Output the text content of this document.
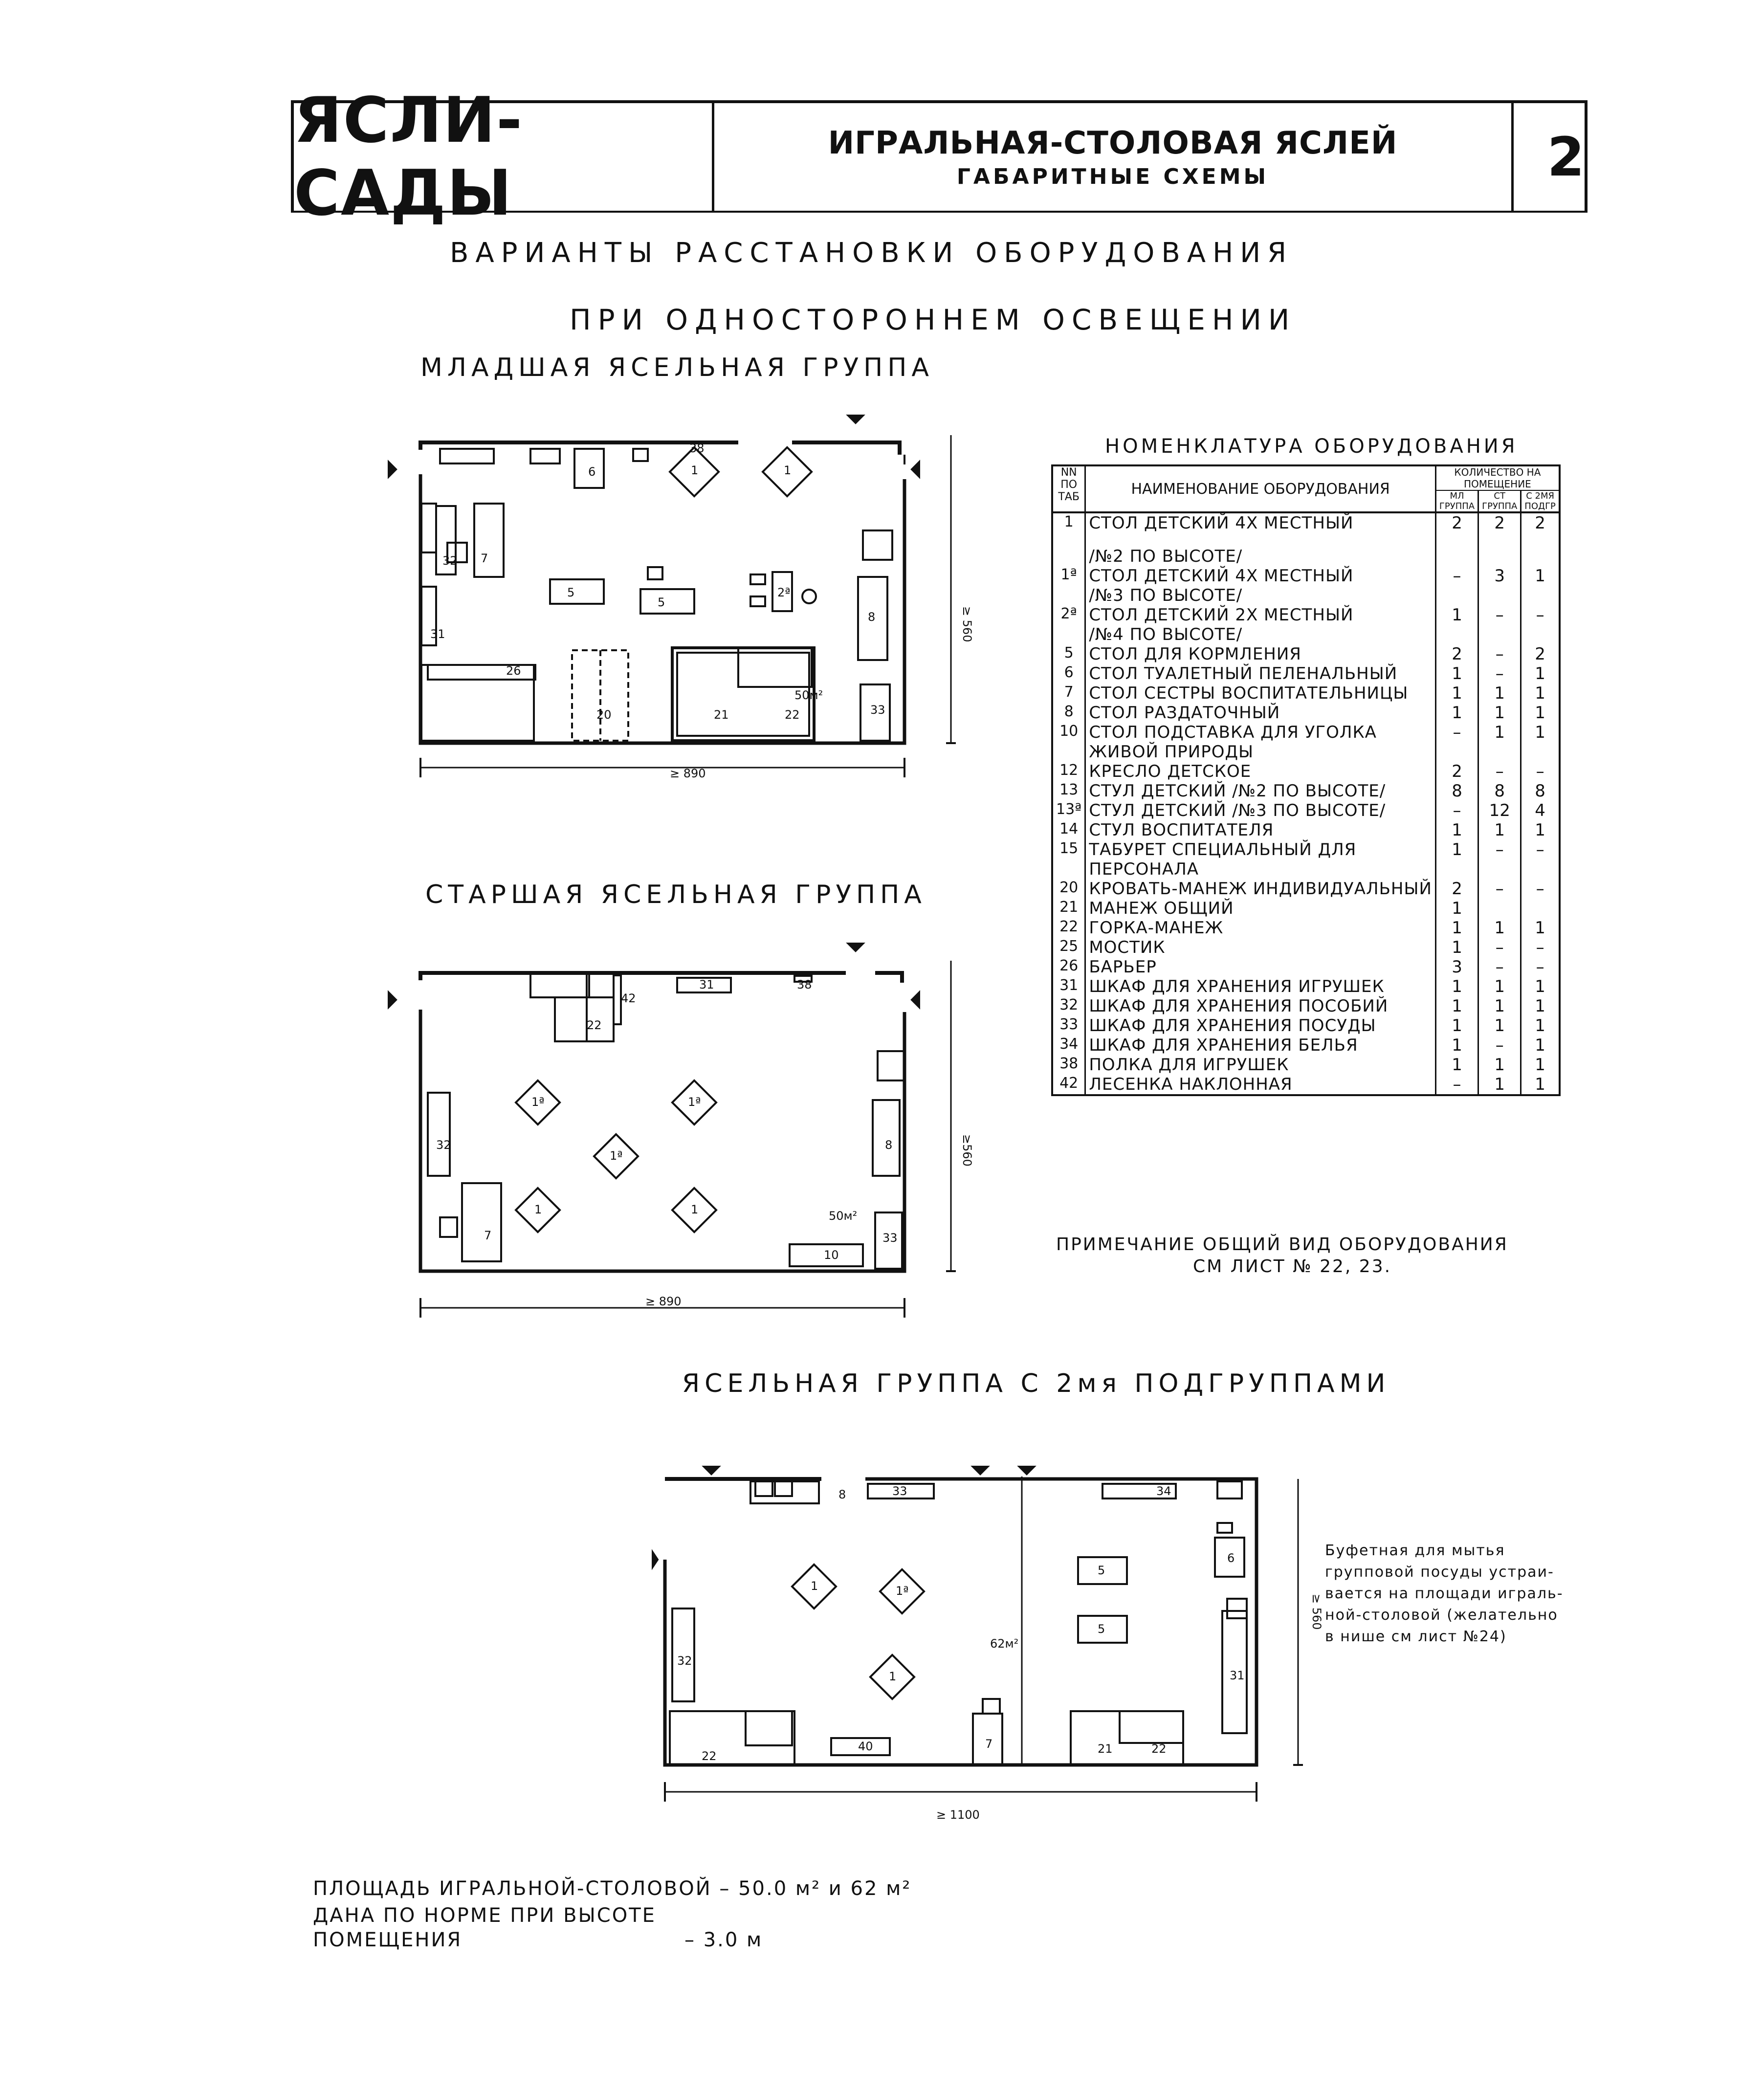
ЯСЛИ-САДЫ
ИГРАЛЬНАЯ-СТОЛОВАЯ ЯСЛЕЙ
ГАБАРИТНЫЕ СХЕМЫ	2
ВАРИАНТЫ РАССТАНОВКИ ОБОРУДОВАНИЯ
ПРИ ОДНОСТОРОННЕМ ОСВЕЩЕНИИ
МЛАДШАЯ ЯСЕЛЬНАЯ ГРУППА
СТАРШАЯ ЯСЕЛЬНАЯ ГРУППА
ЯСЕЛЬНАЯ ГРУППА С 2мя ПОДГРУППАМИ
50м²
≥ 890
≥ 560
1	1
7
32
31
26
20	21	22	33
8
5
5	2ª
6
38
50м²
≥ 890
≥560
1ª	1ª
1ª
1	1
32
7
10
33
8
22
42
31	38
62м²
≥ 1100
≥ 560
1	1ª
1
8	33	34
32
22
40	7	21	22
31
6
5
5
Буфетная для мытья
групповой посуды устраи-
вается на площади играль-
ной-столовой (желательно
в нише см лист №24)
НОМЕНКЛАТУРА ОБОРУДОВАНИЯ
NN ПО ТАБ	НАИМЕНОВАНИЕ ОБОРУДОВАНИЯ	КОЛИЧЕСТВО НА ПОМЕЩЕНИЕ		
		МЛ ГРУППА	СТ ГРУППА	С 2МЯ ПОДГР
1	СТОЛ ДЕТСКИЙ 4Х МЕСТНЫЙ	2	2	2
	/№2 ПО ВЫСОТЕ/			
1ª	СТОЛ ДЕТСКИЙ 4Х МЕСТНЫЙ	–	3	1
	/№3 ПО ВЫСОТЕ/			
2ª	СТОЛ ДЕТСКИЙ 2Х МЕСТНЫЙ	1	–	–
	/№4 ПО ВЫСОТЕ/			
5	СТОЛ ДЛЯ КОРМЛЕНИЯ	2	–	2
6	СТОЛ ТУАЛЕТНЫЙ ПЕЛЕНАЛЬНЫЙ	1	–	1
7	СТОЛ СЕСТРЫ ВОСПИТАТЕЛЬНИЦЫ	1	1	1
8	СТОЛ РАЗДАТОЧНЫЙ	1	1	1
10	СТОЛ ПОДСТАВКА ДЛЯ УГОЛКА	–	1	1
	ЖИВОЙ ПРИРОДЫ			
12	КРЕСЛО ДЕТСКОЕ	2	–	–
13	СТУЛ ДЕТСКИЙ /№2 ПО ВЫСОТЕ/	8	8	8
13ª	СТУЛ ДЕТСКИЙ /№3 ПО ВЫСОТЕ/	–	12	4
14	СТУЛ ВОСПИТАТЕЛЯ	1	1	1
15	ТАБУРЕТ СПЕЦИАЛЬНЫЙ ДЛЯ	1	–	–
	ПЕРСОНАЛА			
20	КРОВАТЬ-МАНЕЖ ИНДИВИДУАЛЬНЫЙ	2	–	–
21	МАНЕЖ ОБЩИЙ	1		
22	ГОРКА-МАНЕЖ	1	1	1
25	МОСТИК	1	–	–
26	БАРЬЕР	3	–	–
31	ШКАФ ДЛЯ ХРАНЕНИЯ ИГРУШЕК	1	1	1
32	ШКАФ ДЛЯ ХРАНЕНИЯ ПОСОБИЙ	1	1	1
33	ШКАФ ДЛЯ ХРАНЕНИЯ ПОСУДЫ	1	1	1
34	ШКАФ ДЛЯ ХРАНЕНИЯ БЕЛЬЯ	1	–	1
38	ПОЛКА ДЛЯ ИГРУШЕК	1	1	1
42	ЛЕСЕНКА НАКЛОННАЯ	–	1	1
ПРИМЕЧАНИЕ ОБЩИЙ ВИД ОБОРУДОВАНИЯ
СМ ЛИСТ № 22, 23.
ПЛОЩАДЬ ИГРАЛЬНОЙ-СТОЛОВОЙ – 50.0 м² и 62 м²
ДАНА ПО НОРМЕ ПРИ ВЫСОТЕ
ПОМЕЩЕНИЯ	– 3.0 м
